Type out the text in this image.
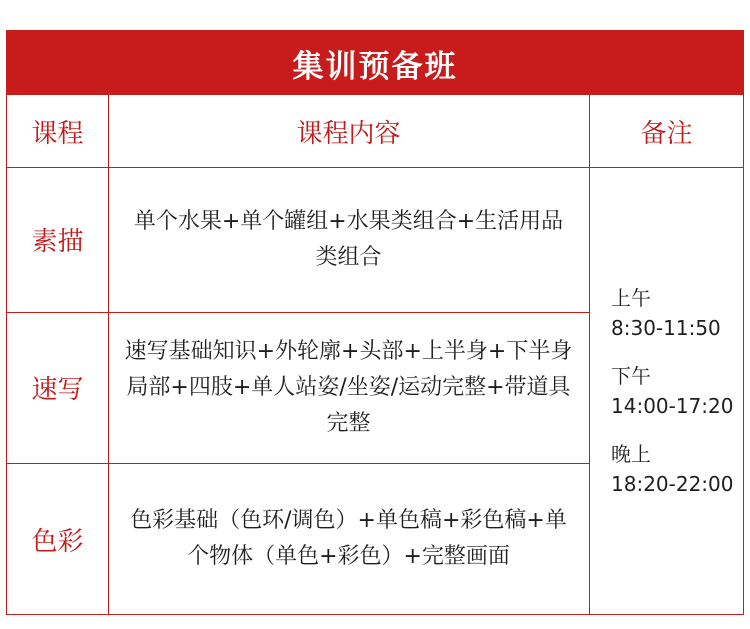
集训预备班
课程	课程内容	备注
素描
单个水果+单个罐组+水果类组合+生活用品类组合
速写
速写基础知识+外轮廓+头部+上半身+下半身局部+四肢+单人站姿/坐姿/运动完整+带道具完整
色彩
色彩基础（色环/调色）+单色稿+彩色稿+单个物体（单色+彩色）+完整画面
上午
8:30-11:50
下午
14:00-17:20
晚上
18:20-22:00
